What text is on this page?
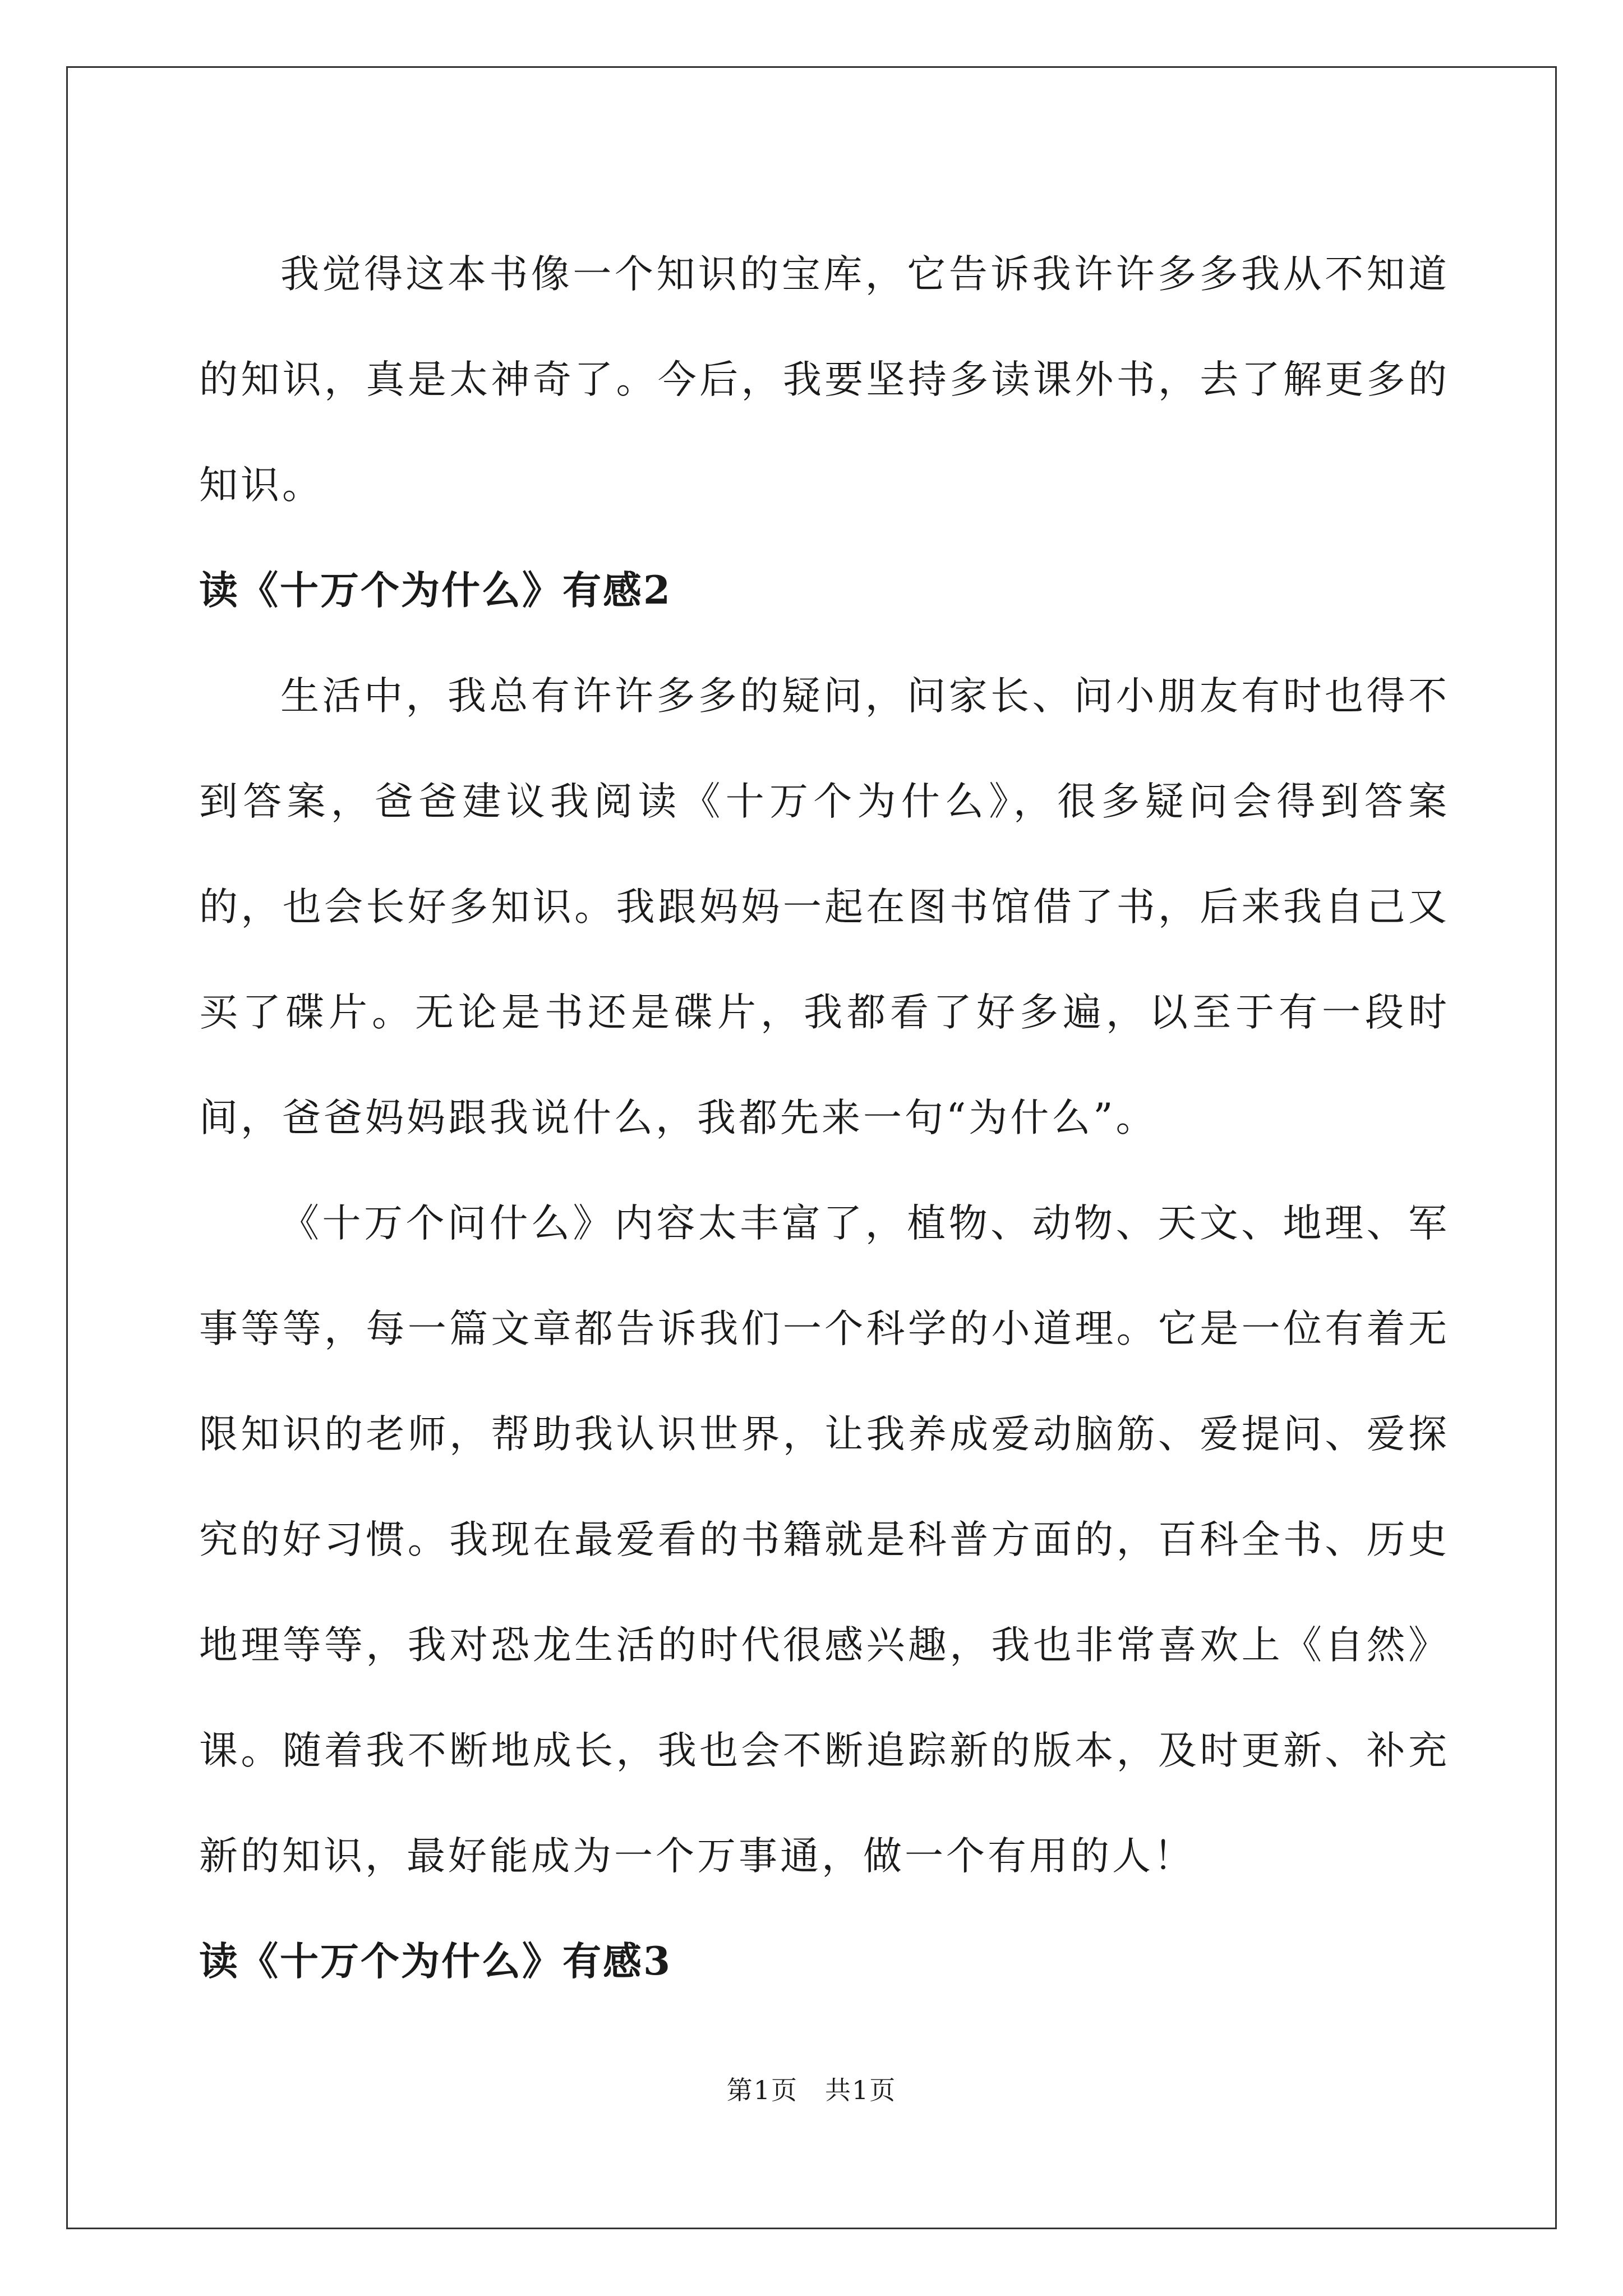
我觉得这本书像一个知识的宝库，它告诉我许许多多我从不知道的知识，真是太神奇了。今后，我要坚持多读课外书，去了解更多的知识。

读《十万个为什么》有感2

生活中，我总有许许多多的疑问，问家长、问小朋友有时也得不到答案，爸爸建议我阅读《十万个为什么》，很多疑问会得到答案的，也会长好多知识。我跟妈妈一起在图书馆借了书，后来我自己又买了碟片。无论是书还是碟片，我都看了好多遍，以至于有一段时间，爸爸妈妈跟我说什么，我都先来一句“为什么”。

《十万个问什么》内容太丰富了，植物、动物、天文、地理、军事等等，每一篇文章都告诉我们一个科学的小道理。它是一位有着无限知识的老师，帮助我认识世界，让我养成爱动脑筋、爱提问、爱探究的好习惯。我现在最爱看的书籍就是科普方面的，百科全书、历史地理等等，我对恐龙生活的时代很感兴趣，我也非常喜欢上《自然》课。随着我不断地成长，我也会不断追踪新的版本，及时更新、补充新的知识，最好能成为一个万事通，做一个有用的人！

读《十万个为什么》有感3
第1页　共1页
